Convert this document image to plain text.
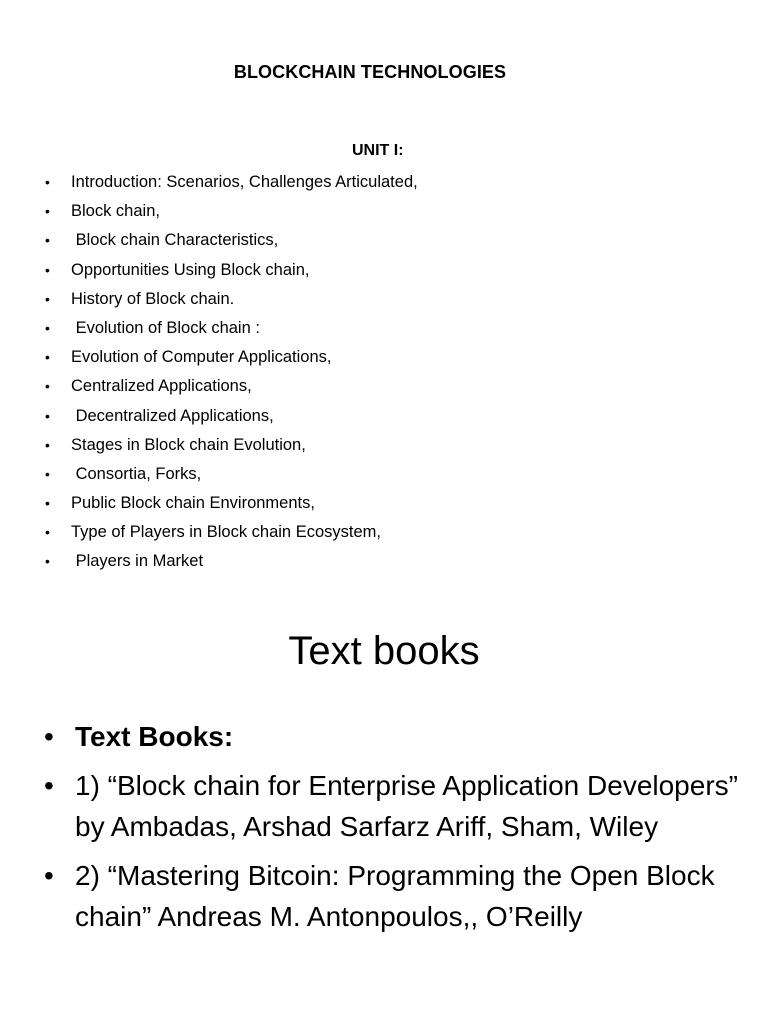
BLOCKCHAIN TECHNOLOGIES
UNIT I:
• Introduction: Scenarios, Challenges Articulated,
• Block chain,
• Block chain Characteristics,
• Opportunities Using Block chain,
• History of Block chain.
• Evolution of Block chain :
• Evolution of Computer Applications,
• Centralized Applications,
• Decentralized Applications,
• Stages in Block chain Evolution,
• Consortia, Forks,
• Public Block chain Environments,
• Type of Players in Block chain Ecosystem,
• Players in Market
Text books
• Text Books:
• 1) “Block chain for Enterprise Application Developers” by Ambadas, Arshad Sarfarz Ariff, Sham, Wiley
• 2) “Mastering Bitcoin: Programming the Open Block chain” Andreas M. Antonpoulos,, O’Reilly
